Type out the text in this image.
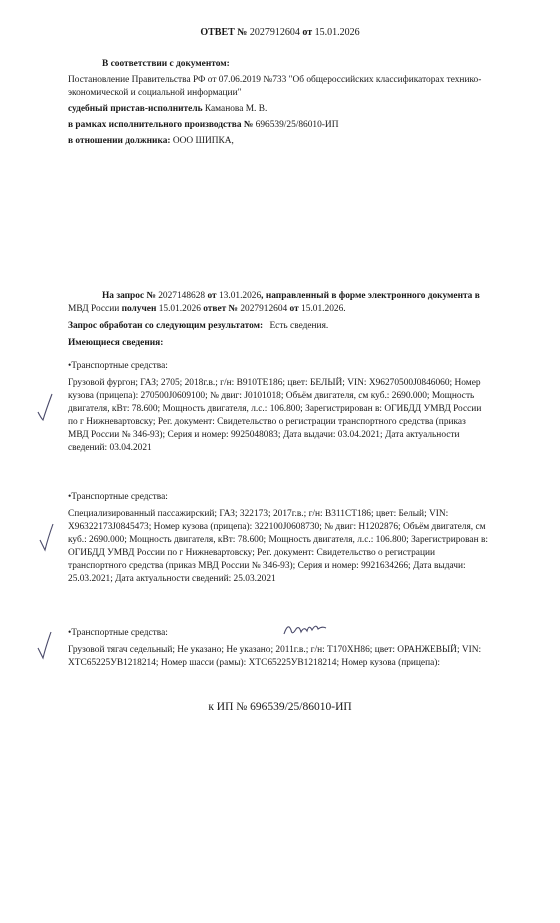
ОТВЕТ № 2027912604 от 15.01.2026
В соответствии с документом:
Постановление Правительства РФ от 07.06.2019 №733 "Об общероссийских классификаторах технико-
экономической и социальной информации"
судебный пристав-исполнитель Каманова М. В.
в рамках исполнительного производства № 696539/25/86010-ИП
в отношении должника: ООО ШИПКА,
На запрос № 2027148628 от 13.01.2026, направленный в форме электронного документа в
МВД России получен 15.01.2026 ответ № 2027912604 от 15.01.2026.
Запрос обработан со следующим результатом: Есть сведения.
Имеющиеся сведения:
•Транспортные средства:
Грузовой фургон; ГАЗ; 2705; 2018г.в.; г/н: В910ТЕ186; цвет: БЕЛЫЙ; VIN: X96270500J0846060; Номер
кузова (прицепа): 270500J0609100; № двиг: J0101018; Объём двигателя, см куб.: 2690.000; Мощность
двигателя, кВт: 78.600; Мощность двигателя, л.с.: 106.800; Зарегистрирован в: ОГИБДД УМВД России
по г Нижневартовску; Рег. документ: Свидетельство о регистрации транспортного средства (приказ
МВД России № 346-93); Серия и номер: 9925048083; Дата выдачи: 03.04.2021; Дата актуальности
сведений: 03.04.2021
•Транспортные средства:
Специализированный пассажирский; ГАЗ; 322173; 2017г.в.; г/н: В311СТ186; цвет: Белый; VIN:
X96322173J0845473; Номер кузова (прицепа): 322100J0608730; № двиг: H1202876; Объём двигателя, см
куб.: 2690.000; Мощность двигателя, кВт: 78.600; Мощность двигателя, л.с.: 106.800; Зарегистрирован в:
ОГИБДД УМВД России по г Нижневартовску; Рег. документ: Свидетельство о регистрации
транспортного средства (приказ МВД России № 346-93); Серия и номер: 9921634266; Дата выдачи:
25.03.2021; Дата актуальности сведений: 25.03.2021
•Транспортные средства:
Грузовой тягач седельный; Не указано; Не указано; 2011г.в.; г/н: Т170ХН86; цвет: ОРАНЖЕВЫЙ; VIN:
XTC65225УВ1218214; Номер шасси (рамы): XTC65225УВ1218214; Номер кузова (прицепа):
к ИП № 696539/25/86010-ИП
